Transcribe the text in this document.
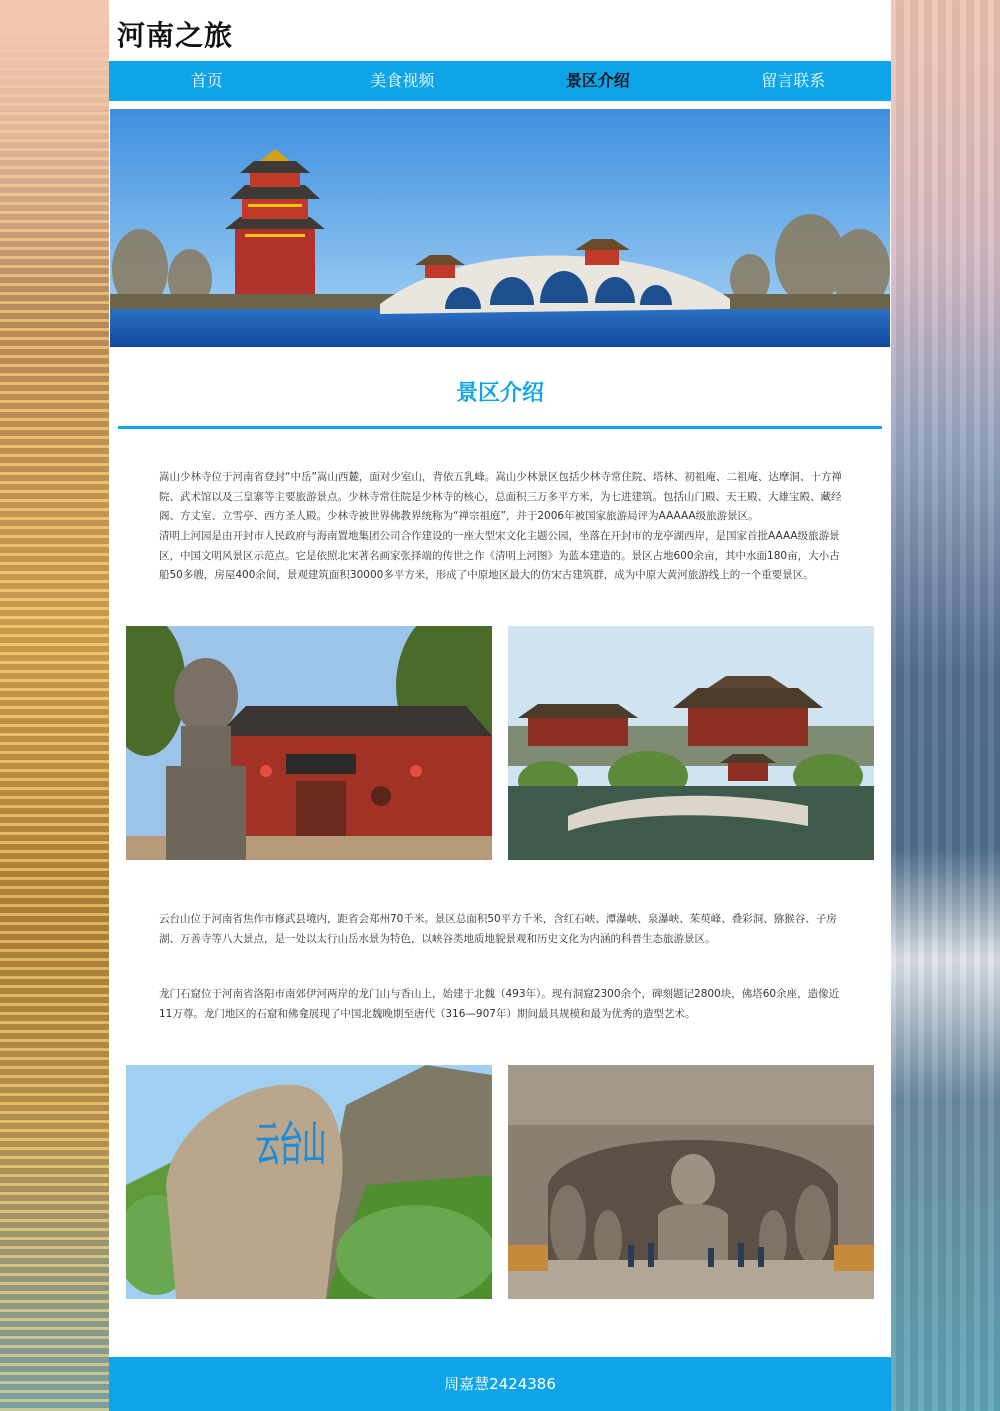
河南之旅
首页	美食视频	景区介绍	留言联系
景区介绍

嵩山少林寺位于河南省登封“中岳”嵩山西麓，面对少室山，背依五乳峰。嵩山少林景区包括少林寺常住院、塔林、初祖庵、二祖庵、达摩洞、十方禅院、武术馆以及三皇寨等主要旅游景点。少林寺常住院是少林寺的核心，总面积三万多平方米，为七进建筑。包括山门殿、天王殿、大雄宝殿、藏经阁、方丈室、立雪亭、西方圣人殿。少林寺被世界佛教界统称为“禅宗祖庭”，并于2006年被国家旅游局评为AAAAA级旅游景区。

清明上河园是由开封市人民政府与海南置地集团公司合作建设的一座大型宋文化主题公园，坐落在开封市的龙亭湖西岸，是国家首批AAAA级旅游景区，中国文明风景区示范点。它是依照北宋著名画家张择端的传世之作《清明上河图》为蓝本建造的。景区占地600余亩，其中水面180亩，大小古船50多艘，房屋400余间，景观建筑面积30000多平方米，形成了中原地区最大的仿宋古建筑群，成为中原大黄河旅游线上的一个重要景区。

云台山位于河南省焦作市修武县境内，距省会郑州70千米。景区总面积50平方千米，含红石峡、潭瀑峡、泉瀑峡、茱萸峰、叠彩洞、猕猴谷、子房湖、万善寺等八大景点，是一处以太行山岳水景为特色，以峡谷类地质地貌景观和历史文化为内涵的科普生态旅游景区。

龙门石窟位于河南省洛阳市南郊伊河两岸的龙门山与香山上，始建于北魏（493年）。现有洞窟2300余个，碑刻题记2800块，佛塔60余座，造像近11万尊。龙门地区的石窟和佛龛展现了中国北魏晚期至唐代（316—907年）期间最具规模和最为优秀的造型艺术。

云台山
周嘉慧2424386
